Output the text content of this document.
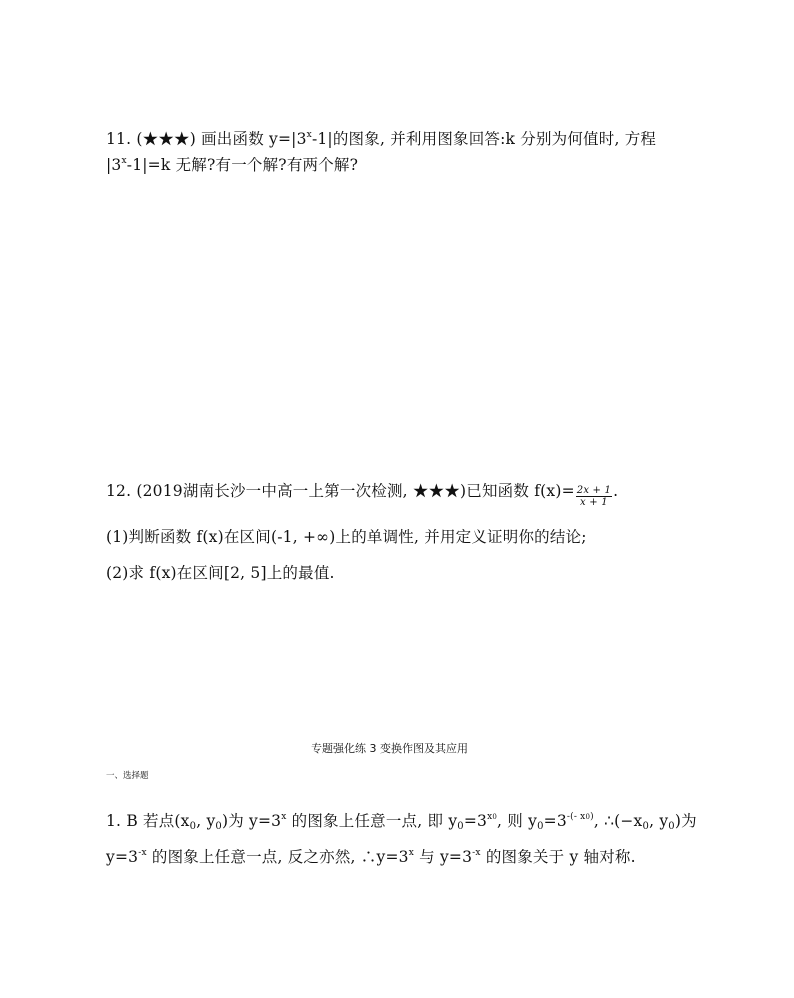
11. (★★★) 画出函数 $y=|3^x-1|$的图象, 并利用图象回答:k 分别为何值时, 方程
$|3^x-1|=k$ 无解?有一个解?有两个解?
12. (2019湖南长沙一中高一上第一次检测, ★★★)已知函数 $f(x)= \frac{2x + 1}{x + 1}$ .
(1)判断函数 f(x)在区间(-1, +∞)上的单调性, 并用定义证明你的结论;
(2)求 f(x)在区间[2, 5]上的最值.
专题强化练 3 变换作图及其应用
一、选择题
1. B 若点($x_0$, $y_0$)为 $y=3^x$ 的图象上任意一点, 即 $y_0=3^{x0}$, 则 $y_0=3^{-(- x0)}$, $\therefore(-x_0$, $y_0$)为
$y=3^{-x}$ 的图象上任意一点, 反之亦然, $\therefore y=3^x$ 与 $y=3^{-x}$ 的图象关于 y 轴对称.
